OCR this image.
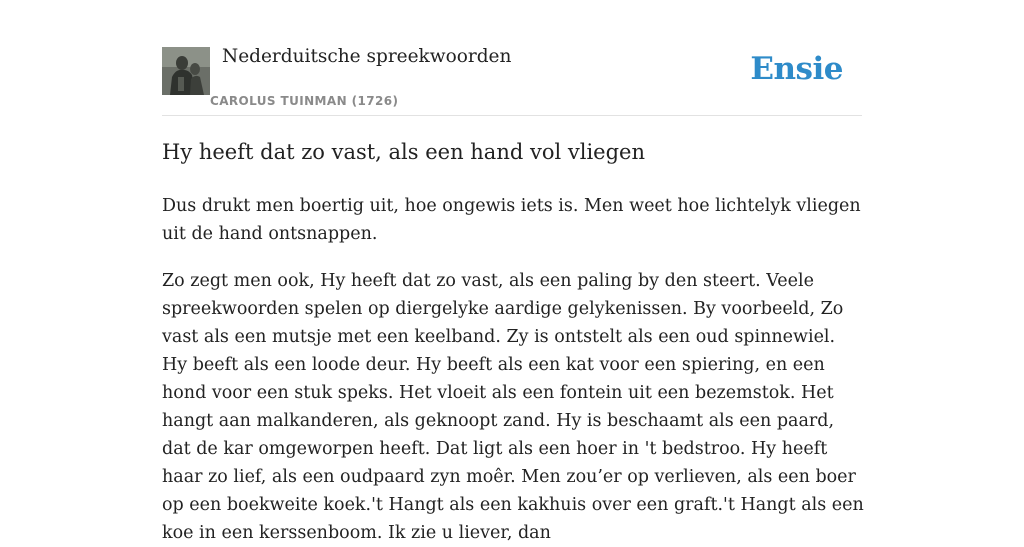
Nederduitsche spreekwoorden
CAROLUS TUINMAN (1726)
Ensie
Hy heeft dat zo vast, als een hand vol vliegen

Dus drukt men boertig uit, hoe ongewis iets is. Men weet hoe lichtelyk vliegen uit de hand ontsnappen.

Zo zegt men ook, Hy heeft dat zo vast, als een paling by den steert. Veele spreekwoorden spelen op diergelyke aardige gelykenissen. By voorbeeld, Zo vast als een mutsje met een keelband. Zy is ontstelt als een oud spinnewiel. Hy beeft als een loode deur. Hy beeft als een kat voor een spiering, en een hond voor een stuk speks. Het vloeit als een fontein uit een bezemstok. Het hangt aan malkanderen, als geknoopt zand. Hy is beschaamt als een paard, dat de kar omgeworpen heeft. Dat ligt als een hoer in 't bedstroo. Hy heeft haar zo lief, als een oudpaard zyn moêr. Men zou’er op verlieven, als een boer op een boekweite koek.'t Hangt als een kakhuis over een graft.'t Hangt als een koe in een kerssenboom. Ik zie u liever, dan
